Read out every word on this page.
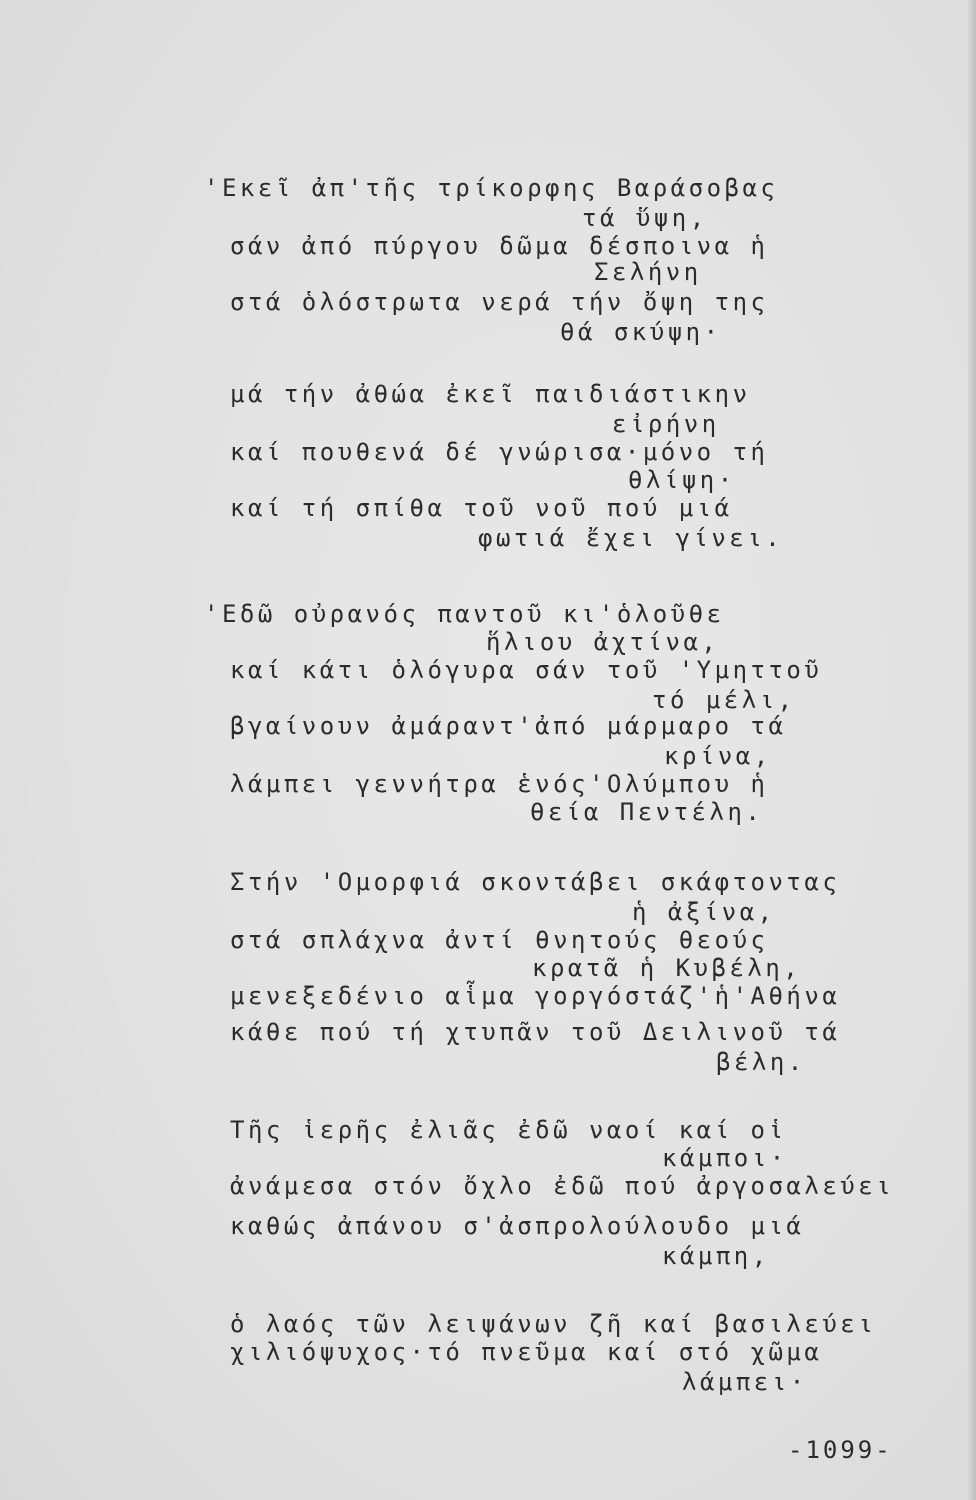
'Εκεῖ ἀπ'τῆς τρίκορφης Βαράσοβας
τά ὕψη,
σάν ἀπό πύργου δῶμα δέσποινα ἡ
Σελήνη
στά ὁλόστρωτα νερά τήν ὄψη της
θά σκύψη·
μά τήν ἀθώα ἐκεῖ παιδιάστικην
εἰρήνη
καί πουθενά δέ γνώρισα·μόνο τή
θλίψη·
καί τή σπίθα τοῦ νοῦ πού μιά
φωτιά ἔχει γίνει.
'Εδῶ οὐρανός παντοῦ κι'ὁλοῦθε
ἥλιου ἀχτίνα,
καί κάτι ὁλόγυρα σάν τοῦ 'Υμηττοῦ
τό μέλι,
βγαίνουν ἀμάραντ'ἀπό μάρμαρο τά
κρίνα,
λάμπει γεννήτρα ἑνός'Ολύμπου ἡ
θεία Πεντέλη.
Στήν 'Ομορφιά σκοντάβει σκάφτοντας
ἡ ἀξίνα,
στά σπλάχνα ἀντί θνητούς θεούς
κρατᾶ ἡ Κυβέλη,
μενεξεδένιο αἷμα γοργόστάζ'ἡ'Αθήνα
κάθε πού τή χτυπᾶν τοῦ Δειλινοῦ τά
βέλη.
Τῆς ἱερῆς ἐλιᾶς ἐδῶ ναοί καί οἱ
κάμποι·
ἀνάμεσα στόν ὄχλο ἐδῶ πού ἀργοσαλεύει
καθώς ἀπάνου σ'ἀσπρολούλουδο μιά
κάμπη,
ὁ λαός τῶν λειψάνων ζῆ καί βασιλεύει
χιλιόψυχος·τό πνεῦμα καί στό χῶμα
λάμπει·
-1099-
